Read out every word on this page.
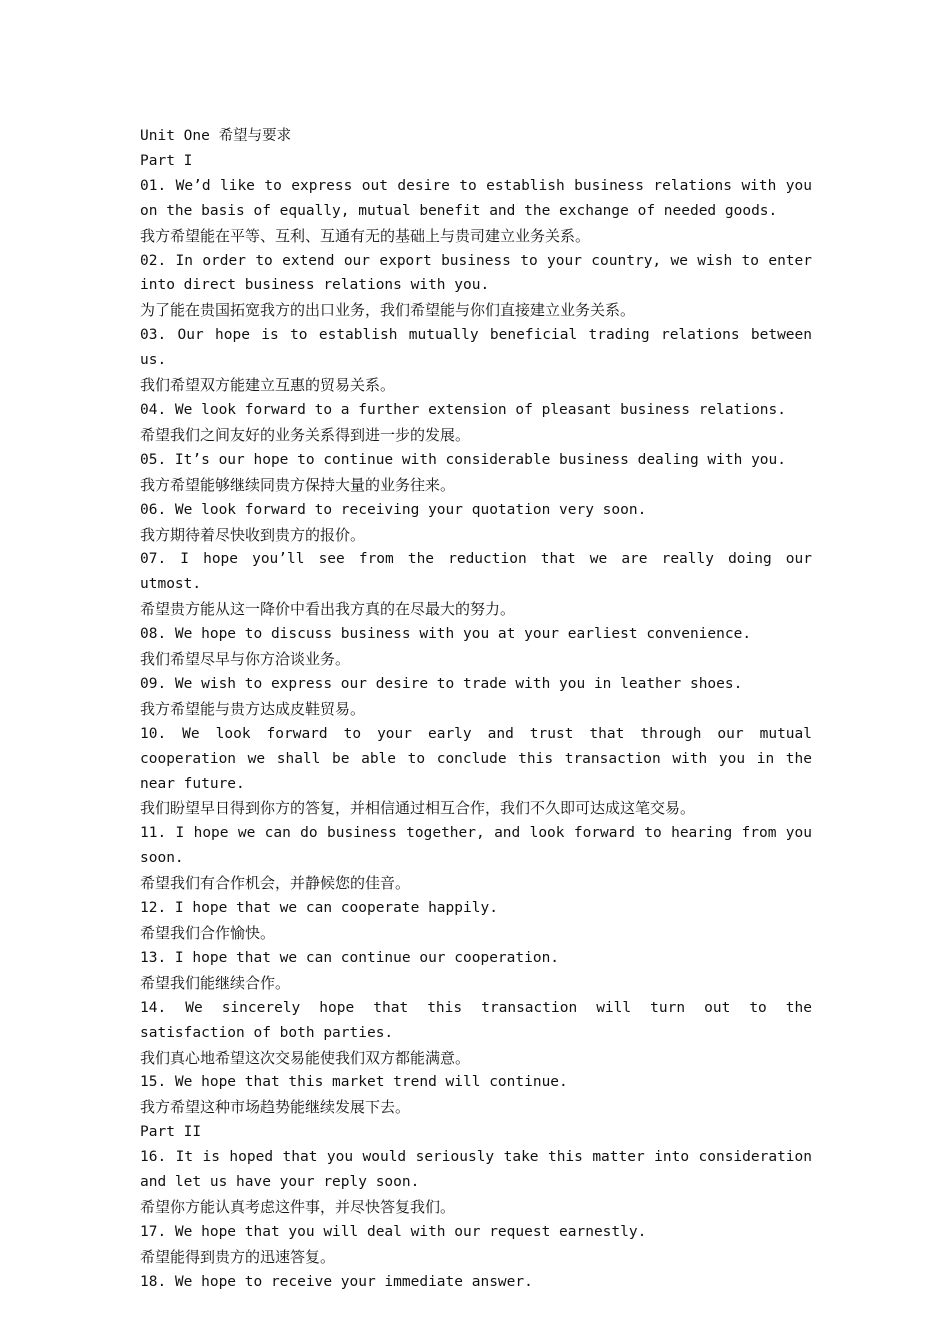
Unit One 希望与要求

Part I

01. We’d like to express out desire to establish business relations with you on the basis of equally, mutual benefit and the exchange of needed goods.

我方希望能在平等、互利、互通有无的基础上与贵司建立业务关系。

02. In order to extend our export business to your country, we wish to enter into direct business relations with you.

为了能在贵国拓宽我方的出口业务，我们希望能与你们直接建立业务关系。

03. Our hope is to establish mutually beneficial trading relations between us.

我们希望双方能建立互惠的贸易关系。

04. We look forward to a further extension of pleasant business relations.

希望我们之间友好的业务关系得到进一步的发展。

05. It’s our hope to continue with considerable business dealing with you.

我方希望能够继续同贵方保持大量的业务往来。

06. We look forward to receiving your quotation very soon.

我方期待着尽快收到贵方的报价。

07. I hope you’ll see from the reduction that we are really doing our utmost.

希望贵方能从这一降价中看出我方真的在尽最大的努力。

08. We hope to discuss business with you at your earliest convenience.

我们希望尽早与你方洽谈业务。

09. We wish to express our desire to trade with you in leather shoes.

我方希望能与贵方达成皮鞋贸易。

10. We look forward to your early and trust that through our mutual cooperation we shall be able to conclude this transaction with you in the near future.

我们盼望早日得到你方的答复，并相信通过相互合作，我们不久即可达成这笔交易。

11. I hope we can do business together, and look forward to hearing from you soon.

希望我们有合作机会，并静候您的佳音。

12. I hope that we can cooperate happily.

希望我们合作愉快。

13. I hope that we can continue our cooperation.

希望我们能继续合作。

14. We sincerely hope that this transaction will turn out to the satisfaction of both parties.

我们真心地希望这次交易能使我们双方都能满意。

15. We hope that this market trend will continue.

我方希望这种市场趋势能继续发展下去。

Part II

16. It is hoped that you would seriously take this matter into consideration and let us have your reply soon.

希望你方能认真考虑这件事，并尽快答复我们。

17. We hope that you will deal with our request earnestly.

希望能得到贵方的迅速答复。

18. We hope to receive your immediate answer.
